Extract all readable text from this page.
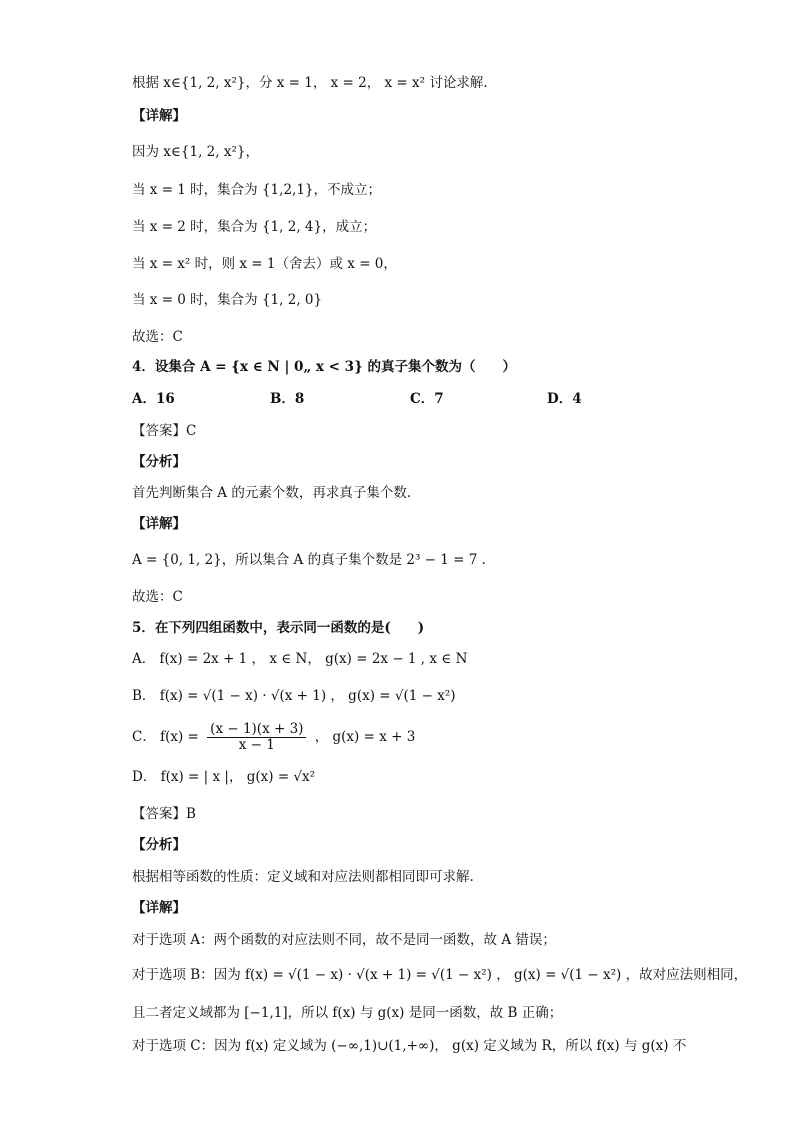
根据 x∈{1, 2, x²}，分 x = 1， x = 2， x = x² 讨论求解.
【详解】
因为 x∈{1, 2, x²}，
当 x = 1 时，集合为 {1,2,1}，不成立；
当 x = 2 时，集合为 {1, 2, 4}，成立；
当 x = x² 时，则 x = 1（舍去）或 x = 0，
当 x = 0 时，集合为 {1, 2, 0}
故选：C
4．设集合 A = {x ∈ N | 0„ x < 3} 的真子集个数为（　　）
A．16	B．8	C．7	D．4
【答案】C
【分析】
首先判断集合 A 的元素个数，再求真子集个数.
【详解】
A = {0, 1, 2}，所以集合 A 的真子集个数是 2³ − 1 = 7 .
故选：C
5．在下列四组函数中，表示同一函数的是(　　)
A． f(x) = 2x + 1 ， x ∈ N， g(x) = 2x − 1 , x ∈ N
B． f(x) = √(1 − x) · √(x + 1) ， g(x) = √(1 − x²)
C． $f(x) = \frac{(x - 1)(x + 3)}{x - 1}$ ， g(x) = x + 3
D． f(x) = | x |， g(x) = √x²
【答案】B
【分析】
根据相等函数的性质：定义域和对应法则都相同即可求解.
【详解】
对于选项 A：两个函数的对应法则不同，故不是同一函数，故 A 错误；
对于选项 B：因为 f(x) = √(1 − x) · √(x + 1) = √(1 − x²) ， g(x) = √(1 − x²) ，故对应法则相同，
且二者定义域都为 [−1,1]，所以 f(x) 与 g(x) 是同一函数，故 B 正确；
对于选项 C：因为 f(x) 定义域为 (−∞,1)∪(1,+∞)， g(x) 定义域为 R，所以 f(x) 与 g(x) 不
